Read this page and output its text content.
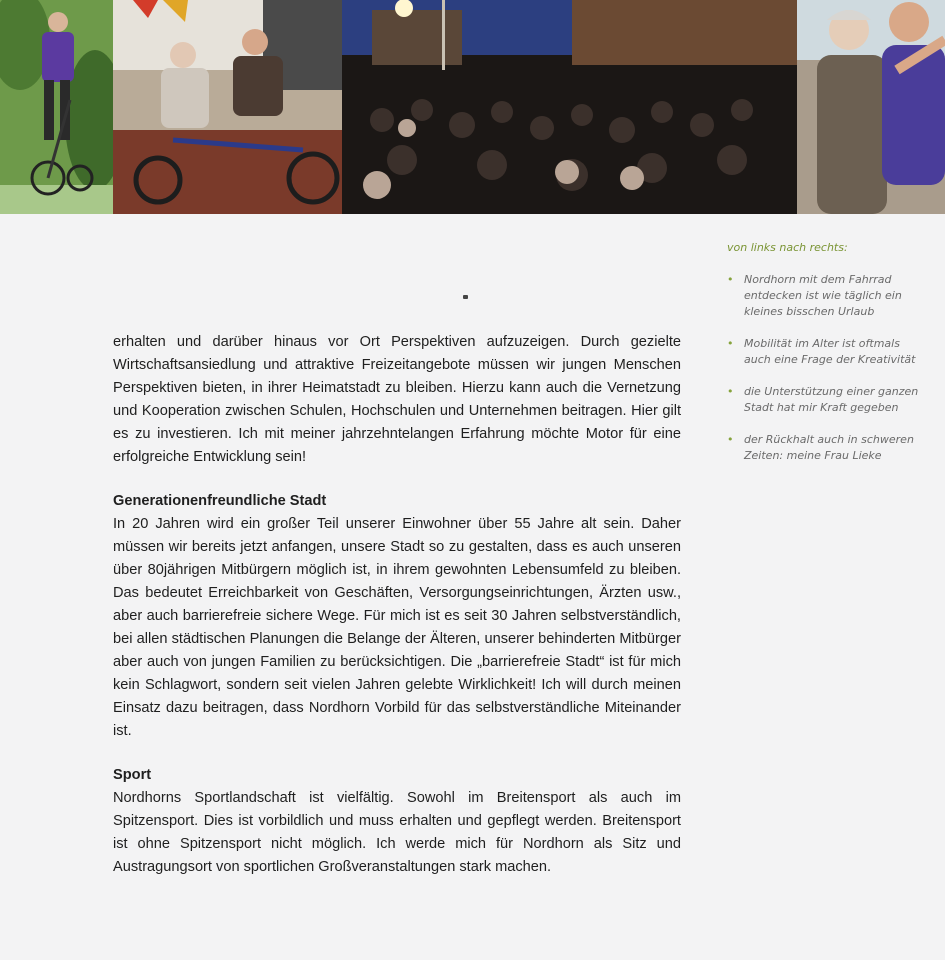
erhalten und darüber hinaus vor Ort Perspektiven aufzuzeigen. Durch gezielte Wirtschaftsansiedlung und attraktive Freizeitangebote müssen wir jungen Menschen Perspektiven bieten, in ihrer Heimatstadt zu bleiben. Hierzu kann auch die Vernetzung und Kooperation zwischen Schulen, Hochschulen und Unternehmen beitragen. Hier gilt es zu investieren. Ich mit meiner jahrzehntelangen Erfahrung möchte Motor für eine erfolgreiche Entwicklung sein!

Generationenfreundliche Stadt

In 20 Jahren wird ein großer Teil unserer Einwohner über 55 Jahre alt sein. Daher müssen wir bereits jetzt anfangen, unsere Stadt so zu gestalten, dass es auch unseren über 80jährigen Mitbürgern möglich ist, in ihrem gewohnten Lebensumfeld zu bleiben. Das bedeutet Erreichbarkeit von Geschäften, Versorgungseinrichtungen, Ärzten usw., aber auch barrierefreie sichere Wege. Für mich ist es seit 30 Jahren selbstverständlich, bei allen städtischen Planungen die Belange der Älteren, unserer behinderten Mitbürger aber auch von jungen Familien zu berücksichtigen. Die „barrierefreie Stadt“ ist für mich kein Schlagwort, sondern seit vielen Jahren gelebte Wirklichkeit! Ich will durch meinen Einsatz dazu beitragen, dass Nordhorn Vorbild für das selbstverständliche Miteinander ist.

Sport

Nordhorns Sportlandschaft ist vielfältig. Sowohl im Breitensport als auch im Spitzensport. Dies ist vorbildlich und muss erhalten und gepflegt werden. Breitensport ist ohne Spitzensport nicht möglich. Ich werde mich für Nordhorn als Sitz und Austragungsort von sportlichen Großveranstaltungen stark machen.

von links nach rechts:

• Nordhorn mit dem Fahrrad entdecken ist wie täglich ein kleines bisschen Urlaub
• Mobilität im Alter ist oftmals auch eine Frage der Kreativität
• die Unterstützung einer ganzen Stadt hat mir Kraft gegeben
• der Rückhalt auch in schweren Zeiten: meine Frau Lieke
